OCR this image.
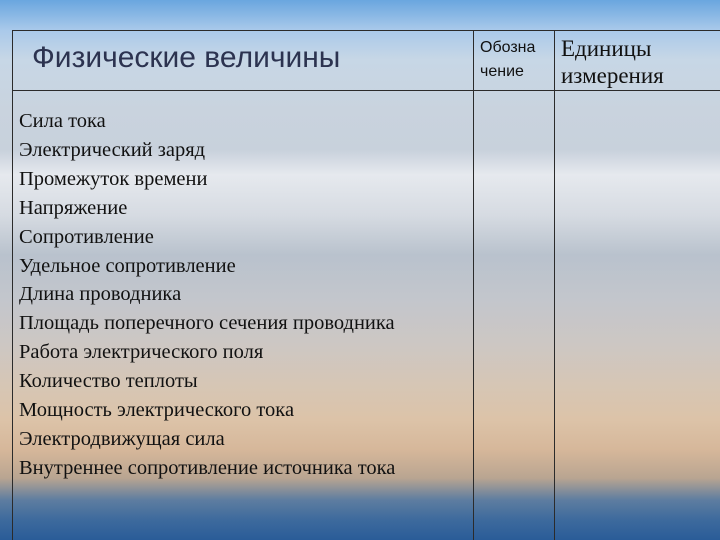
Физические величины	Обозна
чение
Единицы
измерения
Сила тока
Электрический заряд
Промежуток времени
Напряжение
Сопротивление
Удельное сопротивление
Длина проводника
Площадь поперечного сечения проводника
Работа электрического поля
Количество теплоты
Мощность электрического тока
Электродвижущая сила
Внутреннее сопротивление источника тока
